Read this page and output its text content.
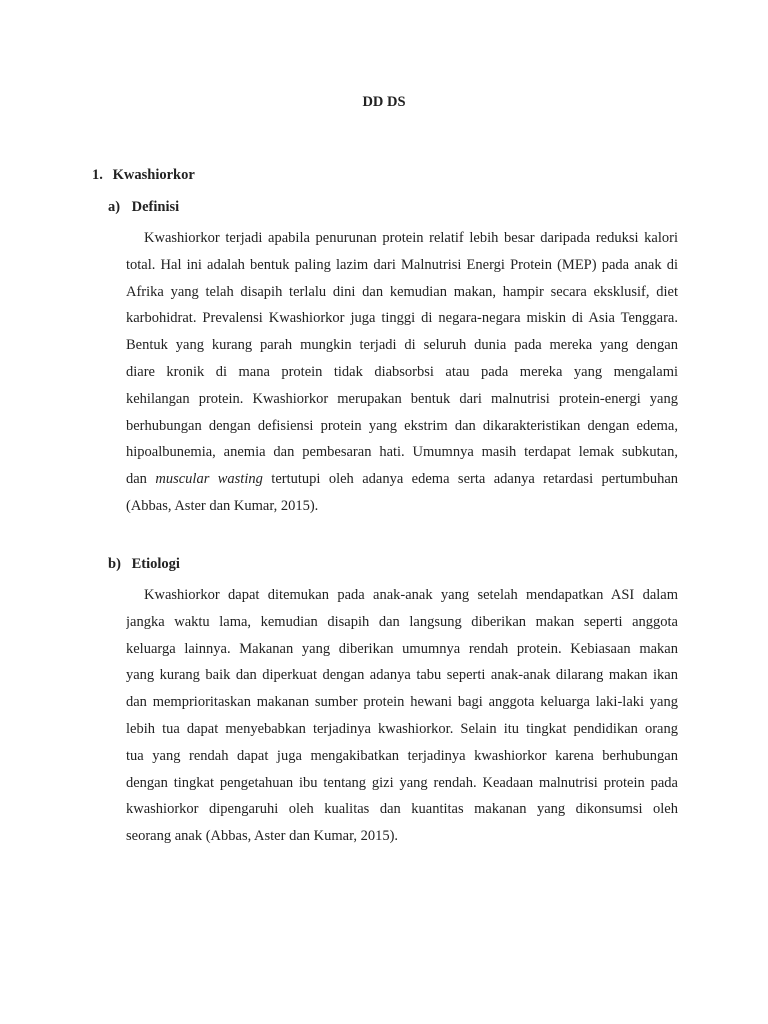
DD DS
1. Kwashiorkor
a) Definisi
Kwashiorkor terjadi apabila penurunan protein relatif lebih besar daripada reduksi kalori
total. Hal ini adalah bentuk paling lazim dari Malnutrisi Energi Protein (MEP) pada anak di
Afrika yang telah disapih terlalu dini dan kemudian makan, hampir secara eksklusif, diet
karbohidrat. Prevalensi Kwashiorkor juga tinggi di negara-negara miskin di Asia Tenggara.
Bentuk yang kurang parah mungkin terjadi di seluruh dunia pada mereka yang dengan
diare kronik di mana protein tidak diabsorbsi atau pada mereka yang mengalami
kehilangan protein. Kwashiorkor merupakan bentuk dari malnutrisi protein-energi yang
berhubungan dengan defisiensi protein yang ekstrim dan dikarakteristikan dengan edema,
hipoalbunemia, anemia dan pembesaran hati. Umumnya masih terdapat lemak subkutan,
dan muscular wasting tertutupi oleh adanya edema serta adanya retardasi pertumbuhan
(Abbas, Aster dan Kumar, 2015).
b) Etiologi
Kwashiorkor dapat ditemukan pada anak-anak yang setelah mendapatkan ASI dalam
jangka waktu lama, kemudian disapih dan langsung diberikan makan seperti anggota
keluarga lainnya. Makanan yang diberikan umumnya rendah protein. Kebiasaan makan
yang kurang baik dan diperkuat dengan adanya tabu seperti anak-anak dilarang makan ikan
dan memprioritaskan makanan sumber protein hewani bagi anggota keluarga laki-laki yang
lebih tua dapat menyebabkan terjadinya kwashiorkor. Selain itu tingkat pendidikan orang
tua yang rendah dapat juga mengakibatkan terjadinya kwashiorkor karena berhubungan
dengan tingkat pengetahuan ibu tentang gizi yang rendah. Keadaan malnutrisi protein pada
kwashiorkor dipengaruhi oleh kualitas dan kuantitas makanan yang dikonsumsi oleh
seorang anak (Abbas, Aster dan Kumar, 2015).
